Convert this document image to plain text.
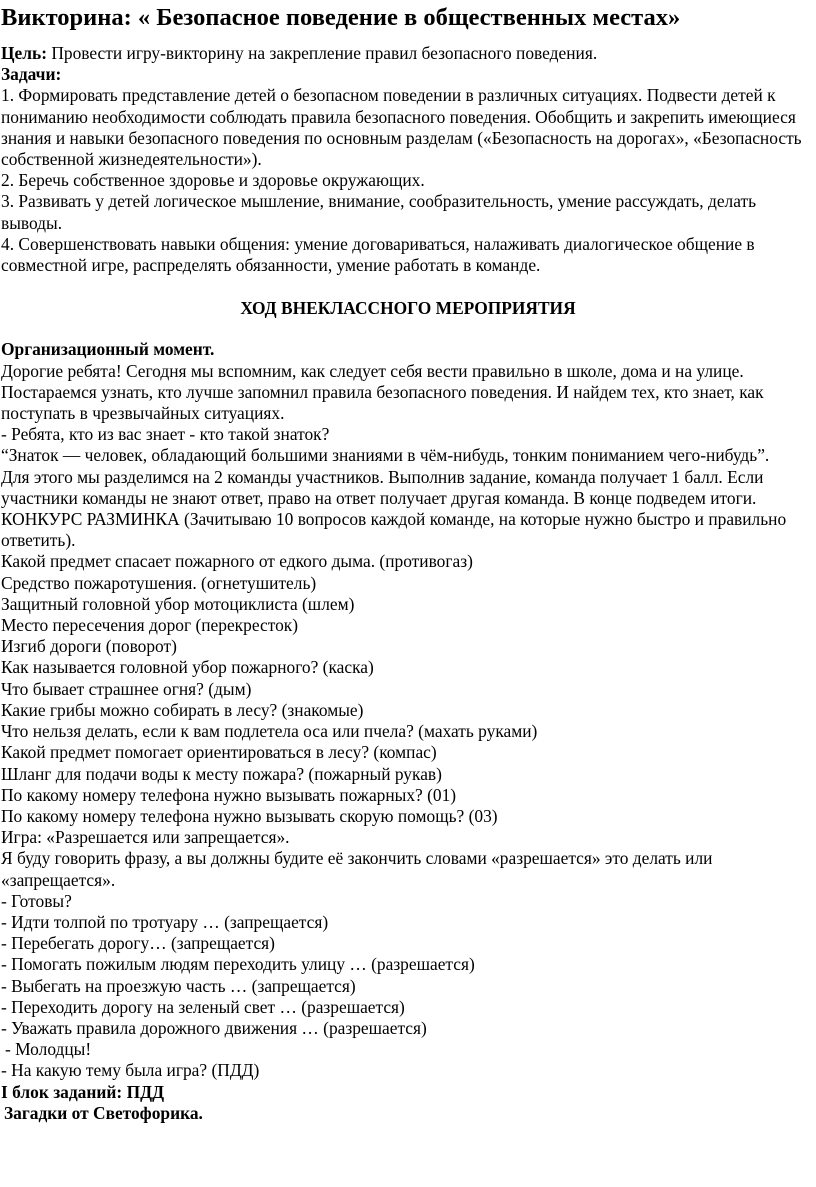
Викторина: « Безопасное поведение в общественных местах»

Цель: Провести игру-викторину на закрепление правил безопасного поведения.

Задачи:

1. Формировать представление детей о безопасном поведении в различных ситуациях. Подвести детей к пониманию необходимости соблюдать правила безопасного поведения. Обобщить и закрепить имеющиеся знания и навыки безопасного поведения по основным разделам («Безопасность на дорогах», «Безопасность собственной жизнедеятельности»).

2. Беречь собственное здоровье и здоровье окружающих.

3. Развивать у детей логическое мышление, внимание, сообразительность, умение рассуждать, делать выводы.

4. Совершенствовать навыки общения: умение договариваться, налаживать диалогическое общение в совместной игре, распределять обязанности, умение работать в команде.

ХОД ВНЕКЛАССНОГО МЕРОПРИЯТИЯ

Организационный момент.

Дорогие ребята! Сегодня мы вспомним, как следует себя вести правильно в школе, дома и на улице. Постараемся узнать, кто лучше запомнил правила безопасного поведения. И найдем тех, кто знает, как поступать в чрезвычайных ситуациях.

- Ребята, кто из вас знает - кто такой знаток?

“Знаток — человек, обладающий большими знаниями в чём-нибудь, тонким пониманием чего-нибудь”.

Для этого мы разделимся на 2 команды участников. Выполнив задание, команда получает 1 балл. Если участники команды не знают ответ, право на ответ получает другая команда. В конце подведем итоги.

КОНКУРС РАЗМИНКА (Зачитываю 10 вопросов каждой команде, на которые нужно быстро и правильно ответить).

Какой предмет спасает пожарного от едкого дыма. (противогаз)

Средство пожаротушения. (огнетушитель)

Защитный головной убор мотоциклиста (шлем)

Место пересечения дорог (перекресток)

Изгиб дороги (поворот)

Как называется головной убор пожарного? (каска)

Что бывает страшнее огня? (дым)

Какие грибы можно собирать в лесу? (знакомые)

Что нельзя делать, если к вам подлетела оса или пчела? (махать руками)

Какой предмет помогает ориентироваться в лесу? (компас)

Шланг для подачи воды к месту пожара? (пожарный рукав)

По какому номеру телефона нужно вызывать пожарных? (01)

По какому номеру телефона нужно вызывать скорую помощь? (03)

Игра: «Разрешается или запрещается».

Я буду говорить фразу, а вы должны будите её закончить словами «разрешается» это делать или «запрещается».

- Готовы?

- Идти толпой по тротуару … (запрещается)

- Перебегать дорогу… (запрещается)

- Помогать пожилым людям переходить улицу … (разрешается)

- Выбегать на проезжую часть … (запрещается)

- Переходить дорогу на зеленый свет … (разрешается)

- Уважать правила дорожного движения … (разрешается)

- Молодцы!

- На какую тему была игра? (ПДД)

I блок заданий: ПДД

Загадки от Светофорика.
